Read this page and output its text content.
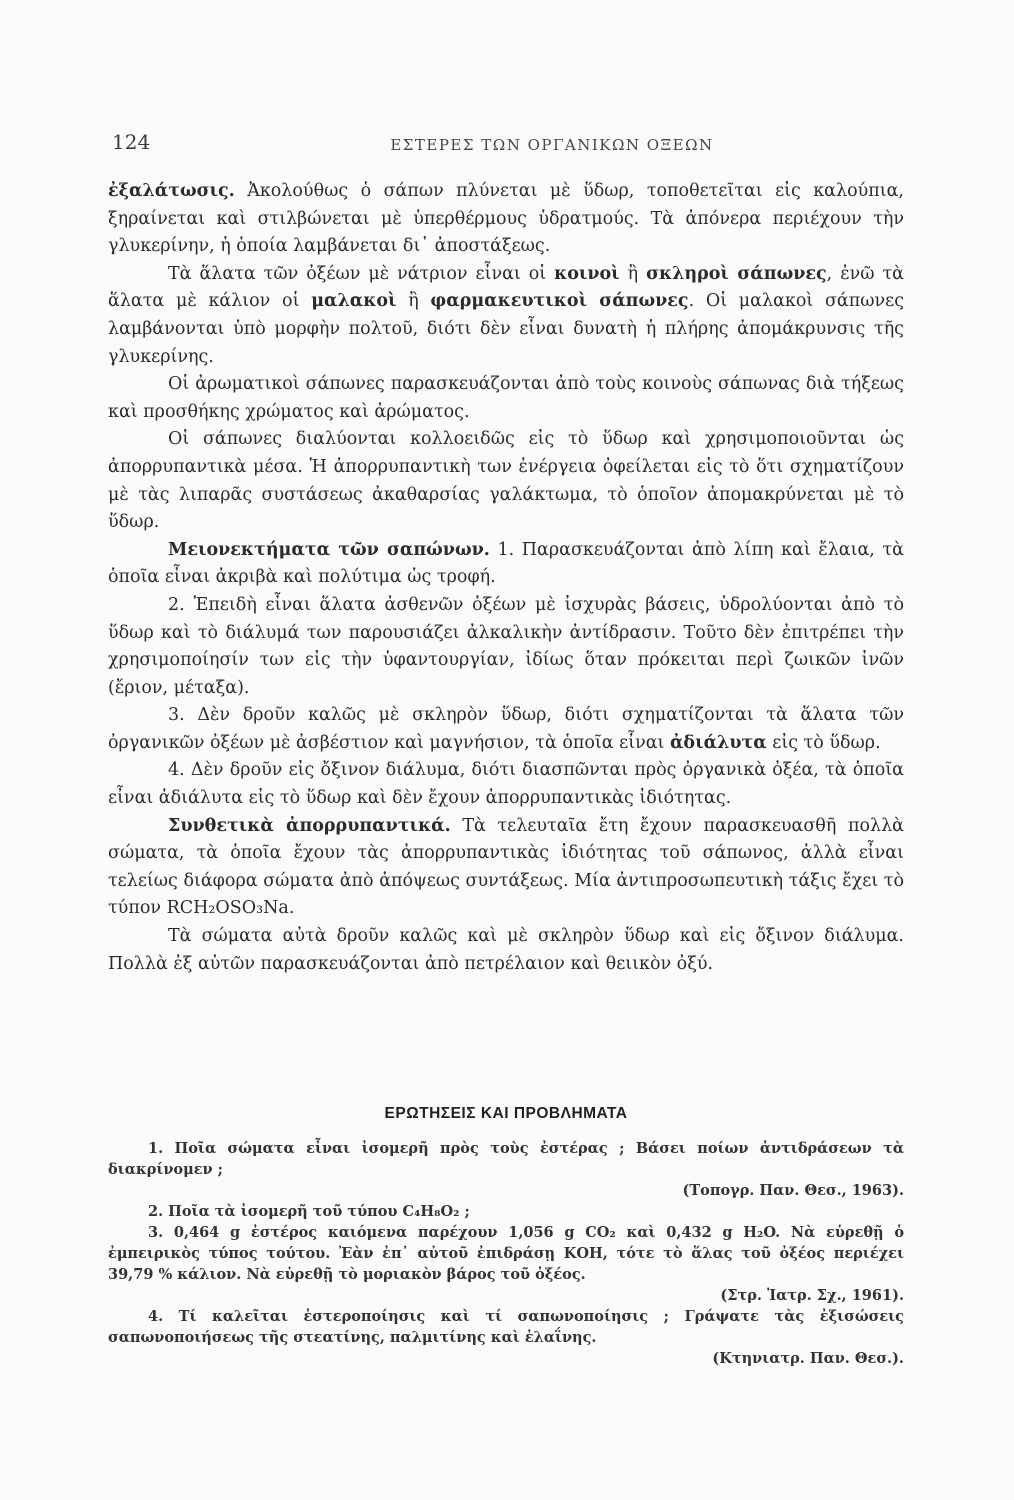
124	ΕΣΤΕΡΕΣ ΤΩΝ ΟΡΓΑΝΙΚΩΝ ΟΞΕΩΝ

ἐξαλάτωσις. Ἀκολούθως ὁ σάπων πλύνεται μὲ ὕδωρ, τοποθετεῖται εἰς καλούπια, ξηραίνεται καὶ στιλβώνεται μὲ ὑπερθέρμους ὑδρατμούς. Τὰ ἀπόνερα περιέχουν τὴν γλυκερίνην, ἡ ὁποία λαμβάνεται δι᾿ ἀποστάξεως.

Τὰ ἅλατα τῶν ὀξέων μὲ νάτριον εἶναι οἱ κοινοὶ ἢ σκληροὶ σάπωνες, ἐνῶ τὰ ἅλατα μὲ κάλιον οἱ μαλακοὶ ἢ φαρμακευτικοὶ σάπωνες. Οἱ μαλακοὶ σάπωνες λαμβάνονται ὑπὸ μορφὴν πολτοῦ, διότι δὲν εἶναι δυνατὴ ἡ πλήρης ἀπομάκρυνσις τῆς γλυκερίνης.

Οἱ ἀρωματικοὶ σάπωνες παρασκευάζονται ἀπὸ τοὺς κοινοὺς σάπωνας διὰ τήξεως καὶ προσθήκης χρώματος καὶ ἀρώματος.

Οἱ σάπωνες διαλύονται κολλοειδῶς εἰς τὸ ὕδωρ καὶ χρησιμοποιοῦνται ὡς ἀπορρυπαντικὰ μέσα. Ἡ ἀπορρυπαντικὴ των ἐνέργεια ὀφείλεται εἰς τὸ ὅτι σχηματίζουν μὲ τὰς λιπαρᾶς συστάσεως ἀκαθαρσίας γαλάκτωμα, τὸ ὁποῖον ἀπομακρύνεται μὲ τὸ ὕδωρ.

Μειονεκτήματα τῶν σαπώνων. 1. Παρασκευάζονται ἀπὸ λίπη καὶ ἔλαια, τὰ ὁποῖα εἶναι ἀκριβὰ καὶ πολύτιμα ὡς τροφή.

2. Ἐπειδὴ εἶναι ἅλατα ἀσθενῶν ὀξέων μὲ ἰσχυρὰς βάσεις, ὑδρολύονται ἀπὸ τὸ ὕδωρ καὶ τὸ διάλυμά των παρουσιάζει ἀλκαλικὴν ἀντίδρασιν. Τοῦτο δὲν ἐπιτρέπει τὴν χρησιμοποίησίν των εἰς τὴν ὑφαντουργίαν, ἰδίως ὅταν πρόκειται περὶ ζωικῶν ἰνῶν (ἔριον, μέταξα).

3. Δὲν δροῦν καλῶς μὲ σκληρὸν ὕδωρ, διότι σχηματίζονται τὰ ἅλατα τῶν ὀργανικῶν ὀξέων μὲ ἀσβέστιον καὶ μαγνήσιον, τὰ ὁποῖα εἶναι ἀδιάλυτα εἰς τὸ ὕδωρ.

4. Δὲν δροῦν εἰς ὄξινον διάλυμα, διότι διασπῶνται πρὸς ὀργανικὰ ὀξέα, τὰ ὁποῖα εἶναι ἀδιάλυτα εἰς τὸ ὕδωρ καὶ δὲν ἔχουν ἀπορρυπαντικὰς ἰδιότητας.

Συνθετικὰ ἀπορρυπαντικά. Τὰ τελευταῖα ἔτη ἔχουν παρασκευασθῆ πολλὰ σώματα, τὰ ὁποῖα ἔχουν τὰς ἀπορρυπαντικὰς ἰδιότητας τοῦ σάπωνος, ἀλλὰ εἶναι τελείως διάφορα σώματα ἀπὸ ἀπόψεως συντάξεως. Μία ἀντιπροσωπευτικὴ τάξις ἔχει τὸ τύπον RCH₂OSO₃Na.

Τὰ σώματα αὐτὰ δροῦν καλῶς καὶ μὲ σκληρὸν ὕδωρ καὶ εἰς ὄξινον διάλυμα. Πολλὰ ἐξ αὐτῶν παρασκευάζονται ἀπὸ πετρέλαιον καὶ θειικὸν ὀξύ.

ΕΡΩΤΗΣΕΙΣ ΚΑΙ ΠΡΟΒΛΗΜΑΤΑ

1. Ποῖα σώματα εἶναι ἰσομερῆ πρὸς τοὺς ἐστέρας ; Βάσει ποίων ἀντιδράσεων τὰ διακρίνομεν ;
(Τοπογρ. Παν. Θεσ., 1963).

2. Ποῖα τὰ ἰσομερῆ τοῦ τύπου C₄H₈O₂ ;

3. 0,464 g ἐστέρος καιόμενα παρέχουν 1,056 g CO₂ καὶ 0,432 g H₂O. Νὰ εὑρεθῇ ὁ ἐμπειρικὸς τύπος τούτου. Ἐὰν ἐπ᾿ αὐτοῦ ἐπιδράσῃ ΚΟΗ, τότε τὸ ἅλας τοῦ ὀξέος περιέχει 39,79 % κάλιον. Νὰ εὑρεθῇ τὸ μοριακὸν βάρος τοῦ ὀξέος.
(Στρ. Ἰατρ. Σχ., 1961).

4. Τί καλεῖται ἐστεροποίησις καὶ τί σαπωνοποίησις ; Γράψατε τὰς ἐξισώσεις σαπωνοποιήσεως τῆς στεατίνης, παλμιτίνης καὶ ἐλαΐνης.
(Κτηνιατρ. Παν. Θεσ.).
